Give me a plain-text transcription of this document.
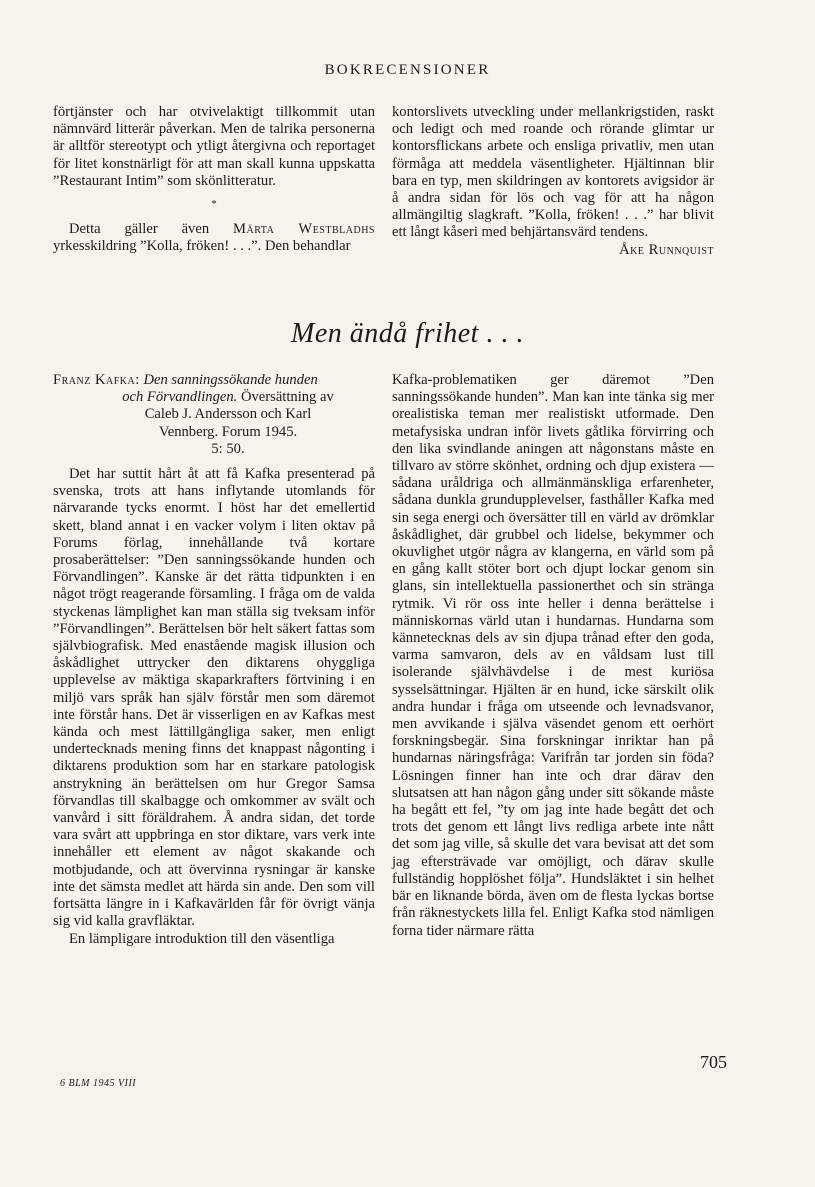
BOKRECENSIONER

förtjänster och har otvivelaktigt tillkommit utan nämnvärd litterär påverkan. Men de talrika personerna är alltför stereotypt och ytligt återgivna och reportaget för litet konstnärligt för att man skall kunna uppskatta ”Restaurant Intim” som skönlitteratur.

*

Detta gäller även Märta Westbladhs yrkesskildring ”Kolla, fröken! . . .”. Den behandlar

kontorslivets utveckling under mellankrigstiden, raskt och ledigt och med roande och rörande glimtar ur kontorsflickans arbete och ensliga privatliv, men utan förmåga att meddela väsentligheter. Hjältinnan blir bara en typ, men skildringen av kontorets avigsidor är å andra sidan för lös och vag för att ha någon allmängiltig slagkraft. ”Kolla, fröken! . . .” har blivit ett långt kåseri med behjärtansvärd tendens.

Åke Runnquist

Men ändå frihet . . .

Franz Kafka: Den sanningssökande hunden
och Förvandlingen. Översättning av
Caleb J. Andersson och Karl
Vennberg. Forum 1945.
5: 50.

Det har suttit hårt åt att få Kafka presenterad på svenska, trots att hans inflytande utomlands för närvarande tycks enormt. I höst har det emellertid skett, bland annat i en vacker volym i liten oktav på Forums förlag, innehållande två kortare prosaberättelser: ”Den sanningssökande hunden och Förvandlingen”. Kanske är det rätta tidpunkten i en något trögt reagerande församling. I fråga om de valda styckenas lämplighet kan man ställa sig tveksam inför ”Förvandlingen”. Berättelsen bör helt säkert fattas som självbiografisk. Med enastående magisk illusion och åskådlighet uttrycker den diktarens ohyggliga upplevelse av mäktiga skaparkrafters förtvining i en miljö vars språk han själv förstår men som däremot inte förstår hans. Det är visserligen en av Kafkas mest kända och mest lättillgängliga saker, men enligt undertecknads mening finns det knappast någonting i diktarens produktion som har en starkare patologisk anstrykning än berättelsen om hur Gregor Samsa förvandlas till skalbagge och omkommer av svält och vanvård i sitt föräldrahem. Å andra sidan, det torde vara svårt att uppbringa en stor diktare, vars verk inte innehåller ett element av något skakande och motbjudande, och att övervinna rysningar är kanske inte det sämsta medlet att härda sin ande. Den som vill fortsätta längre in i Kafkavärlden får för övrigt vänja sig vid kalla gravfläktar.

En lämpligare introduktion till den väsentliga

Kafka-problematiken ger däremot ”Den sanningssökande hunden”. Man kan inte tänka sig mer orealistiska teman mer realistiskt utformade. Den metafysiska undran inför livets gåtlika förvirring och den lika svindlande aningen att någonstans måste en tillvaro av större skönhet, ordning och djup existera — sådana uråldriga och allmänmänskliga erfarenheter, sådana dunkla grundupplevelser, fasthåller Kafka med sin sega energi och översätter till en värld av drömklar åskådlighet, där grubbel och lidelse, bekymmer och okuvlighet utgör några av klangerna, en värld som på en gång kallt stöter bort och djupt lockar genom sin glans, sin intellektuella passionerthet och sin stränga rytmik. Vi rör oss inte heller i denna berättelse i människornas värld utan i hundarnas. Hundarna som kännetecknas dels av sin djupa trånad efter den goda, varma samvaron, dels av en våldsam lust till isolerande självhävdelse i de mest kuriösa sysselsättningar. Hjälten är en hund, icke särskilt olik andra hundar i fråga om utseende och levnadsvanor, men avvikande i själva väsendet genom ett oerhört forskningsbegär. Sina forskningar inriktar han på hundarnas näringsfråga: Varifrån tar jorden sin föda? Lösningen finner han inte och drar därav den slutsatsen att han någon gång under sitt sökande måste ha begått ett fel, ”ty om jag inte hade begått det och trots det genom ett långt livs redliga arbete inte nått det som jag ville, så skulle det vara bevisat att det som jag eftersträvade var omöjligt, och därav skulle fullständig hopplöshet följa”. Hundsläktet i sin helhet bär en liknande börda, även om de flesta lyckas bortse från räknestyckets lilla fel. Enligt Kafka stod nämligen forna tider närmare rätta

6 BLM 1945 VIII
705
